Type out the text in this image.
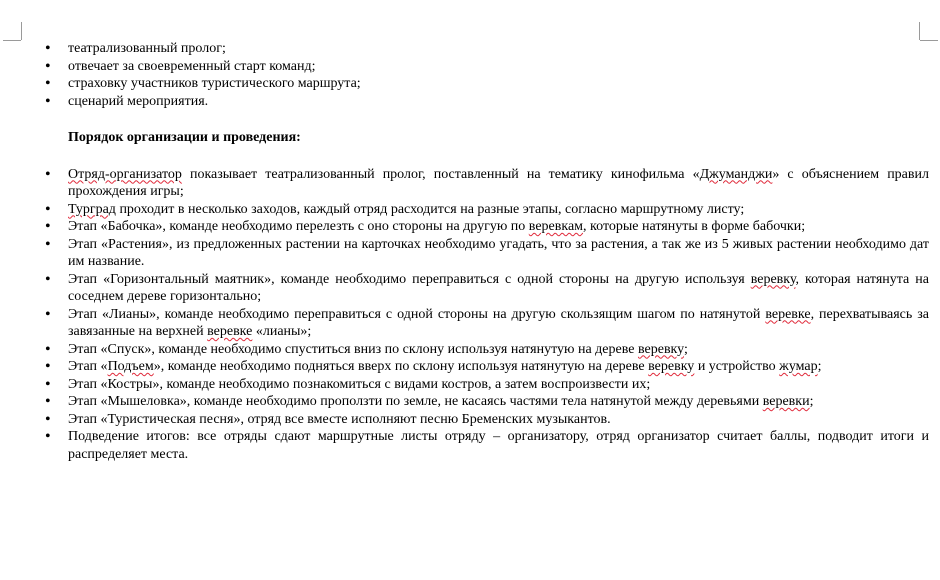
• театрализованный пролог;
• отвечает за своевременный старт команд;
• страховку участников туристического маршрута;
• сценарий мероприятия.
Порядок организации и проведения:
• Отряд-организатор показывает театрализованный пролог, поставленный на тематику кинофильма «Джуманджи» с объяснением правил прохождения игры;
• Турград проходит в несколько заходов, каждый отряд расходится на разные этапы, согласно маршрутному листу;
• Этап «Бабочка», команде необходимо перелезть с оно стороны на другую по веревкам, которые натянуты в форме бабочки;
• Этап «Растения», из предложенных растении на карточках необходимо угадать, что за растения, а так же из 5 живых растении необходимо дат им название.
• Этап «Горизонтальный маятник», команде необходимо переправиться с одной стороны на другую используя веревку, которая натянута на соседнем дереве горизонтально;
• Этап «Лианы», команде необходимо переправиться с одной стороны на другую скользящим шагом по натянутой веревке, перехватываясь за завязанные на верхней веревке «лианы»;
• Этап «Спуск», команде необходимо спуститься вниз по склону используя натянутую на дереве веревку;
• Этап «Подъем», команде необходимо подняться вверх по склону используя натянутую на дереве веревку и устройство жумар;
• Этап «Костры», команде необходимо познакомиться с видами костров, а затем воспроизвести их;
• Этап «Мышеловка», команде необходимо проползти по земле, не касаясь частями тела натянутой между деревьями веревки;
• Этап «Туристическая песня», отряд все вместе исполняют песню Бременских музыкантов.
• Подведение итогов: все отряды сдают маршрутные листы отряду – организатору, отряд организатор считает баллы, подводит итоги и распределяет места.
